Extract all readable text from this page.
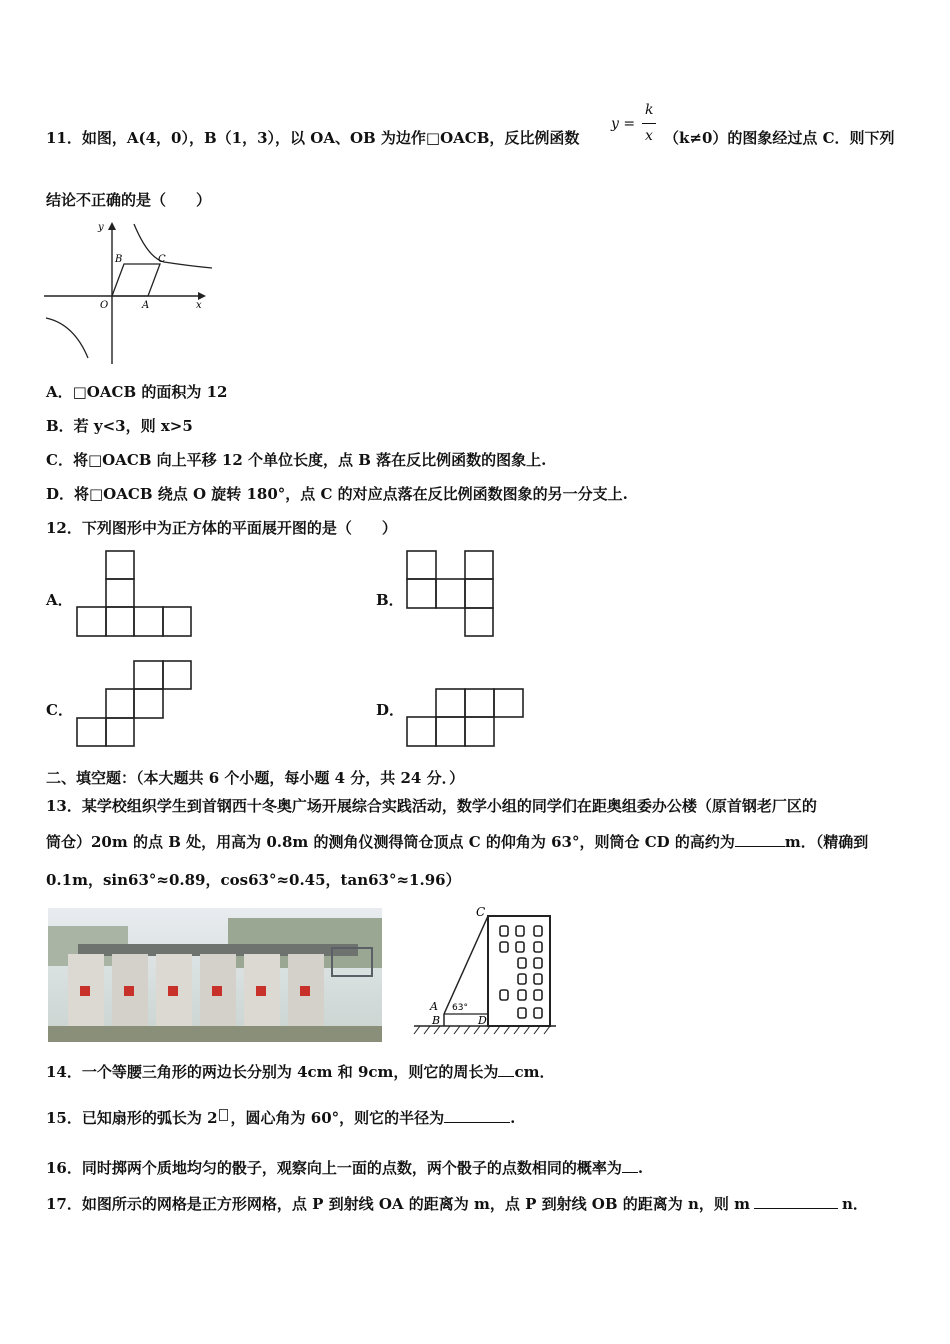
11．如图，A(4，0），B（1，3），以 OA、OB 为边作□OACB，反比例函数
y =
k
x （k≠0）的图象经过点 C．则下列
结论不正确的是（　　）
y
x
O	A
B	C
A．□OACB 的面积为 12
B．若 y<3，则 x>5
C．将□OACB 向上平移 12 个单位长度，点 B 落在反比例函数的图象上.
D．将□OACB 绕点 O 旋转 180°，点 C 的对应点落在反比例函数图象的另一分支上.
12．下列图形中为正方体的平面展开图的是（　　）
A．	B．
C．	D．
二、填空题：（本大题共 6 个小题，每小题 4 分，共 24 分．）
13．某学校组织学生到首钢西十冬奥广场开展综合实践活动，数学小组的同学们在距奥组委办公楼（原首钢老厂区的
筒仓）20m 的点 B 处，用高为 0.8m 的测角仪测得筒仓顶点 C 的仰角为 63°，则筒仓 CD 的高约为	m．（精确到
0.1m，sin63°≈0.89，cos63°≈0.45，tan63°≈1.96）
C
A
B	D
63°
14．一个等腰三角形的两边长分别为 4cm 和 9cm，则它的周长为 cm．
15．已知扇形的弧长为 2 ，圆心角为 60°，则它的半径为	.
16．同时掷两个质地均匀的骰子，观察向上一面的点数，两个骰子的点数相同的概率为 .
17．如图所示的网格是正方形网格，点 P 到射线 OA 的距离为 m，点 P 到射线 OB 的距离为 n，则 m	n．
